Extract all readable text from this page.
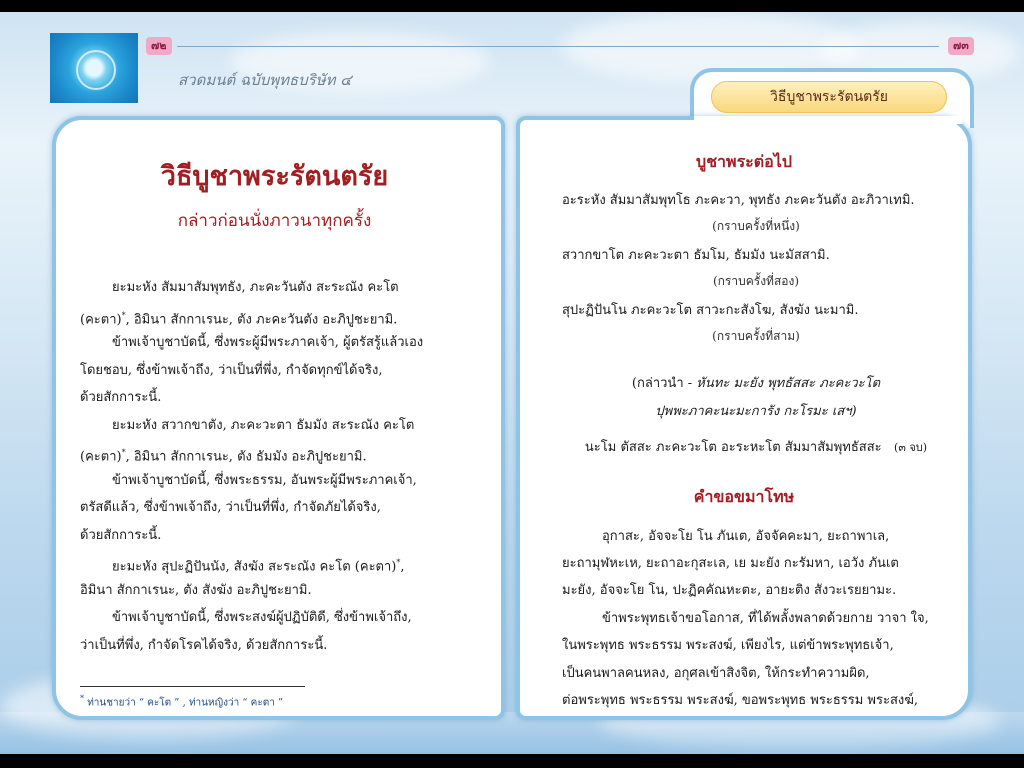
๗๒	๗๓
สวดมนต์ ฉบับพุทธบริษัท ๔
วิธีบูชาพระรัตนตรัย
วิธีบูชาพระรัตนตรัย
กล่าวก่อนนั่งภาวนาทุกครั้ง
ยะมะหัง สัมมาสัมพุทธัง, ภะคะวันตัง สะระณัง คะโต
(คะตา)*, อิมินา สักกาเรนะ, ตัง ภะคะวันตัง อะภิปูชะยามิ.
ข้าพเจ้าบูชาบัดนี้, ซึ่งพระผู้มีพระภาคเจ้า, ผู้ตรัสรู้แล้วเอง
โดยชอบ, ซึ่งข้าพเจ้าถึง, ว่าเป็นที่พึ่ง, กำจัดทุกข์ได้จริง,
ด้วยสักการะนี้.
ยะมะหัง สวากขาตัง, ภะคะวะตา ธัมมัง สะระณัง คะโต
(คะตา)*, อิมินา สักกาเรนะ, ตัง ธัมมัง อะภิปูชะยามิ.
ข้าพเจ้าบูชาบัดนี้, ซึ่งพระธรรม, อันพระผู้มีพระภาคเจ้า,
ตรัสดีแล้ว, ซึ่งข้าพเจ้าถึง, ว่าเป็นที่พึ่ง, กำจัดภัยได้จริง,
ด้วยสักการะนี้.
ยะมะหัง สุปะฏิปันนัง, สังฆัง สะระณัง คะโต (คะตา)*,
อิมินา สักกาเรนะ, ตัง สังฆัง อะภิปูชะยามิ.
ข้าพเจ้าบูชาบัดนี้, ซึ่งพระสงฆ์ผู้ปฏิบัติดี, ซึ่งข้าพเจ้าถึง,
ว่าเป็นที่พึ่ง, กำจัดโรคได้จริง, ด้วยสักการะนี้.
* ท่านชายว่า “ คะโต ” , ท่านหญิงว่า “ คะตา ”
บูชาพระต่อไป
อะระหัง สัมมาสัมพุทโธ ภะคะวา, พุทธัง ภะคะวันตัง อะภิวาเทมิ.
(กราบครั้งที่หนึ่ง)
สวากขาโต ภะคะวะตา ธัมโม, ธัมมัง นะมัสสามิ.
(กราบครั้งที่สอง)
สุปะฏิปันโน ภะคะวะโต สาวะกะสังโฆ, สังฆัง นะมามิ.
(กราบครั้งที่สาม)
(กล่าวนำ - หันทะ มะยัง พุทธัสสะ ภะคะวะโต
ปุพพะภาคะนะมะการัง กะโรมะ เสฯ)
นะโม ตัสสะ ภะคะวะโต อะระหะโต สัมมาสัมพุทธัสสะ (๓ จบ)
คำขอขมาโทษ
อุกาสะ, อัจจะโย โน ภันเต, อัจจัคคะมา, ยะถาพาเล,
ยะถามุฬหะเห, ยะถาอะกุสะเล, เย มะยัง กะรัมหา, เอวัง ภันเต
มะยัง, อัจจะโย โน, ปะฏิคคัณหะตะ, อายะติง สังวะเรยยามะ.
ข้าพระพุทธเจ้าขอโอกาส, ที่ได้พลั้งพลาดด้วยกาย วาจา ใจ,
ในพระพุทธ พระธรรม พระสงฆ์, เพียงไร, แต่ข้าพระพุทธเจ้า,
เป็นคนพาลคนหลง, อกุศลเข้าสิงจิต, ให้กระทำความผิด,
ต่อพระพุทธ พระธรรม พระสงฆ์, ขอพระพุทธ พระธรรม พระสงฆ์,
